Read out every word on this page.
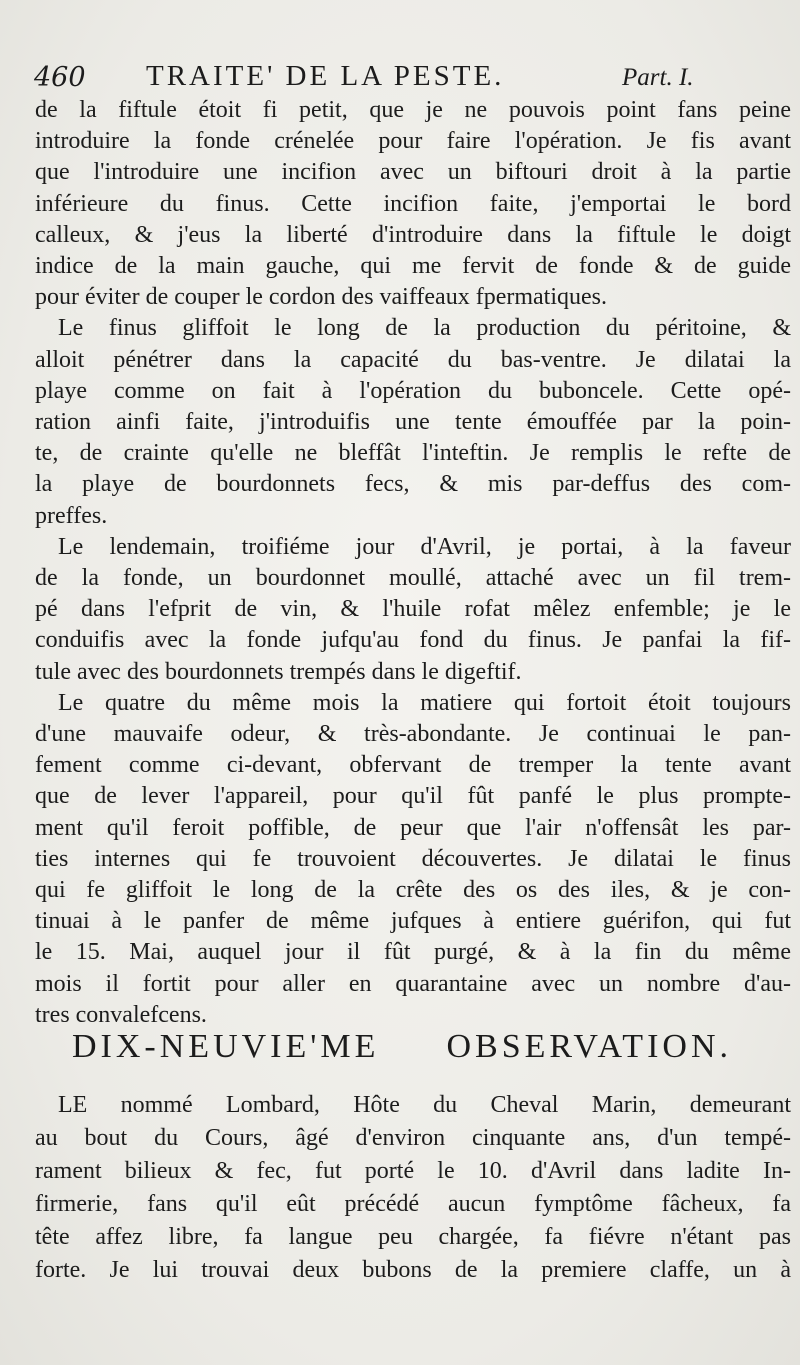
460 TRAITE' DE LA PESTE.	Part. I.
de la fiftule étoit fi petit, que je ne pouvois point fans peine
introduire la fonde crénelée pour faire l'opération. Je fis avant
que l'introduire une incifion avec un biftouri droit à la partie
inférieure du finus. Cette incifion faite, j'emportai le bord
calleux, & j'eus la liberté d'introduire dans la fiftule le doigt
indice de la main gauche, qui me fervit de fonde & de guide
pour éviter de couper le cordon des vaiffeaux fpermatiques.
Le finus gliffoit le long de la production du péritoine, &
alloit pénétrer dans la capacité du bas-ventre. Je dilatai la
playe comme on fait à l'opération du buboncele. Cette opé-
ration ainfi faite, j'introduifis une tente émouffée par la poin-
te, de crainte qu'elle ne bleffât l'inteftin. Je remplis le refte de
la playe de bourdonnets fecs, & mis par-deffus des com-
preffes.
Le lendemain, troifiéme jour d'Avril, je portai, à la faveur
de la fonde, un bourdonnet moullé, attaché avec un fil trem-
pé dans l'efprit de vin, & l'huile rofat mêlez enfemble; je le
conduifis avec la fonde jufqu'au fond du finus. Je panfai la fif-
tule avec des bourdonnets trempés dans le digeftif.
Le quatre du même mois la matiere qui fortoit étoit toujours
d'une mauvaife odeur, & très-abondante. Je continuai le pan-
fement comme ci-devant, obfervant de tremper la tente avant
que de lever l'appareil, pour qu'il fût panfé le plus prompte-
ment qu'il feroit poffible, de peur que l'air n'offensât les par-
ties internes qui fe trouvoient découvertes. Je dilatai le finus
qui fe gliffoit le long de la crête des os des iles, & je con-
tinuai à le panfer de même jufques à entiere guérifon, qui fut
le 15. Mai, auquel jour il fût purgé, & à la fin du même
mois il fortit pour aller en quarantaine avec un nombre d'au-
tres convalefcens.
DIX-NEUVIE'ME OBSERVATION.
LE nommé Lombard, Hôte du Cheval Marin, demeurant
au bout du Cours, âgé d'environ cinquante ans, d'un tempé-
rament bilieux & fec, fut porté le 10. d'Avril dans ladite In-
firmerie, fans qu'il eût précédé aucun fymptôme fâcheux, fa
tête affez libre, fa langue peu chargée, fa fiévre n'étant pas
forte. Je lui trouvai deux bubons de la premiere claffe, un à
